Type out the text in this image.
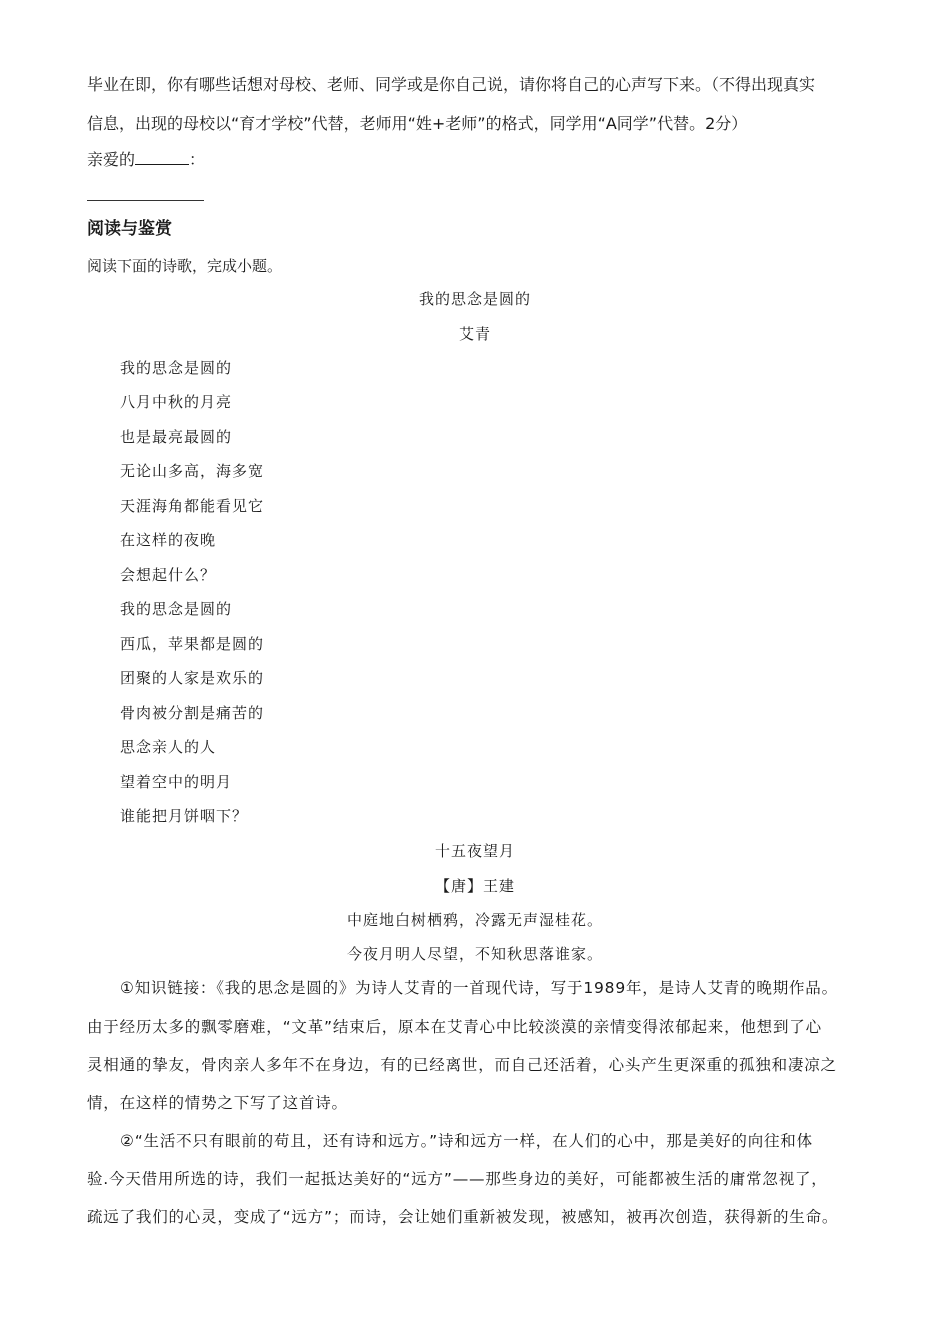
毕业在即，你有哪些话想对母校、老师、同学或是你自己说，请你将自己的心声写下来。（不得出现真实
信息，出现的母校以“育才学校”代替，老师用“姓+老师”的格式，同学用“A同学”代替。2分）
亲爱的	：
阅读与鉴赏
阅读下面的诗歌，完成小题。
我的思念是圆的
艾青
我的思念是圆的
八月中秋的月亮
也是最亮最圆的
无论山多高，海多宽
天涯海角都能看见它
在这样的夜晚
会想起什么？
我的思念是圆的
西瓜，苹果都是圆的
团聚的人家是欢乐的
骨肉被分割是痛苦的
思念亲人的人
望着空中的明月
谁能把月饼咽下？
十五夜望月
【唐】王建
中庭地白树栖鸦，冷露无声湿桂花。
今夜月明人尽望，不知秋思落谁家。
①知识链接：《我的思念是圆的》为诗人艾青的一首现代诗，写于1989年，是诗人艾青的晚期作品。
由于经历太多的飘零磨难，“文革”结束后，原本在艾青心中比较淡漠的亲情变得浓郁起来，他想到了心
灵相通的挚友，骨肉亲人多年不在身边，有的已经离世，而自己还活着，心头产生更深重的孤独和凄凉之
情，在这样的情势之下写了这首诗。
②“生活不只有眼前的苟且，还有诗和远方。”诗和远方一样，在人们的心中，那是美好的向往和体
验.今天借用所选的诗，我们一起抵达美好的“远方”——那些身边的美好，可能都被生活的庸常忽视了，
疏远了我们的心灵，变成了“远方”；而诗，会让她们重新被发现，被感知，被再次创造，获得新的生命。
